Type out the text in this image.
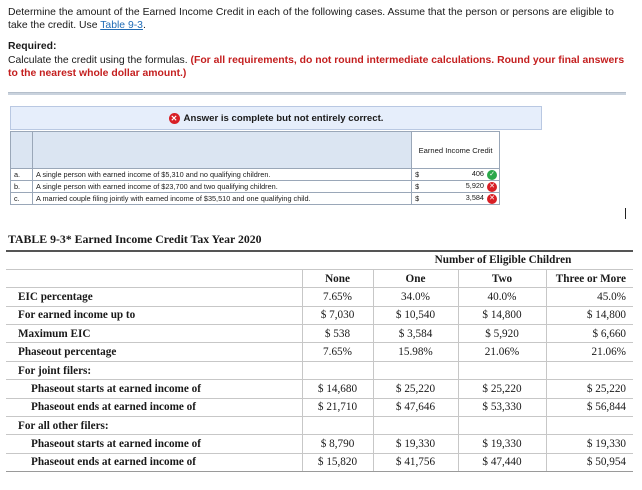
Determine the amount of the Earned Income Credit in each of the following cases. Assume that the person or persons are eligible to take the credit. Use Table 9-3.
Required:
Calculate the credit using the formulas. (For all requirements, do not round intermediate calculations. Round your final answers to the nearest whole dollar amount.)
✕ Answer is complete but not entirely correct.
		Earned Income Credit	
a.	A single person with earned income of $5,310 and no qualifying children.	$	406 ✓
b.	A single person with earned income of $23,700 and two qualifying children.	$	5,920 ✕
c.	A married couple filing jointly with earned income of $35,510 and one qualifying child.	$	3,584 ✕
TABLE 9-3* Earned Income Credit Tax Year 2020
		Number of Eligible Children		
	None	One	Two	Three or More
EIC percentage	7.65%	34.0%	40.0%	45.0%
For earned income up to	$ 7,030	$ 10,540	$ 14,800	$ 14,800
Maximum EIC	$ 538	$ 3,584	$ 5,920	$ 6,660
Phaseout percentage	7.65%	15.98%	21.06%	21.06%
For joint filers:				
Phaseout starts at earned income of	$ 14,680	$ 25,220	$ 25,220	$ 25,220
Phaseout ends at earned income of	$ 21,710	$ 47,646	$ 53,330	$ 56,844
For all other filers:				
Phaseout starts at earned income of	$ 8,790	$ 19,330	$ 19,330	$ 19,330
Phaseout ends at earned income of	$ 15,820	$ 41,756	$ 47,440	$ 50,954
